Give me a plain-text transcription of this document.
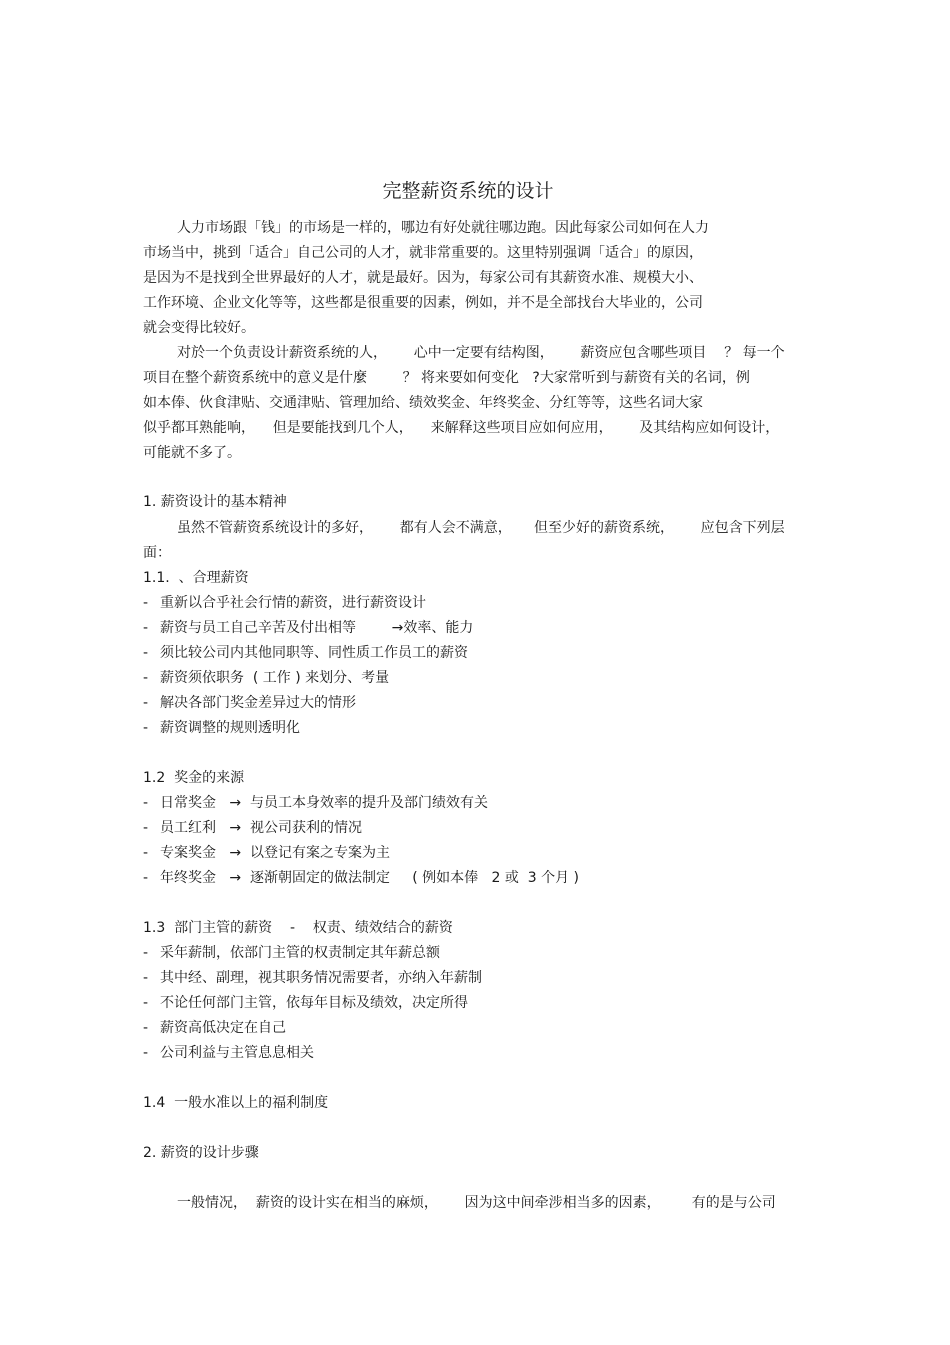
完整薪资系统的设计
人力市场跟「钱」的市场是一样的，哪边有好处就往哪边跑。因此每家公司如何在人力
市场当中，挑到「适合」自己公司的人才，就非常重要的。这里特别强调「适合」的原因，
是因为不是找到全世界最好的人才，就是最好。因为，每家公司有其薪资水准、规模大小、
工作环境、企业文化等等，这些都是很重要的因素，例如，并不是全部找台大毕业的，公司
就会变得比较好。
对於一个负责设计薪资系统的人，      心中一定要有结构图，      薪资应包含哪些项目    ？ 每一个
项目在整个薪资系统中的意义是什麼        ？ 将来要如何变化   ?大家常听到与薪资有关的名词，例
如本俸、伙食津贴、交通津贴、管理加给、绩效奖金、年终奖金、分红等等，这些名词大家
似乎都耳熟能响，    但是要能找到几个人，    来解释这些项目应如何应用，      及其结构应如何设计，
可能就不多了。
1. 薪资设计的基本精神
虽然不管薪资系统设计的多好，      都有人会不满意，     但至少好的薪资系统，      应包含下列层
面：
1.1.  、合理薪资
- 重新以合乎社会行情的薪资，进行薪资设计
- 薪资与员工自己辛苦及付出相等        →效率、能力
- 须比较公司内其他同职等、同性质工作员工的薪资
- 薪资须依职务  ( 工作 ) 来划分、考量
- 解决各部门奖金差异过大的情形
- 薪资调整的规则透明化
1.2  奖金的来源
- 日常奖金   →  与员工本身效率的提升及部门绩效有关
- 员工红利   →  视公司获利的情况
- 专案奖金   →  以登记有案之专案为主
- 年终奖金   →  逐渐朝固定的做法制定     ( 例如本俸   2 或  3 个月 )
1.3  部门主管的薪资    -    权责、绩效结合的薪资
- 采年薪制，依部门主管的权责制定其年薪总额
- 其中经、副理，视其职务情况需要者，亦纳入年薪制
- 不论任何部门主管，依每年目标及绩效，决定所得
- 薪资高低决定在自己
- 公司利益与主管息息相关
1.4  一般水准以上的福利制度
2. 薪资的设计步骤
一般情况，  薪资的设计实在相当的麻烦，      因为这中间牵涉相当多的因素，       有的是与公司
